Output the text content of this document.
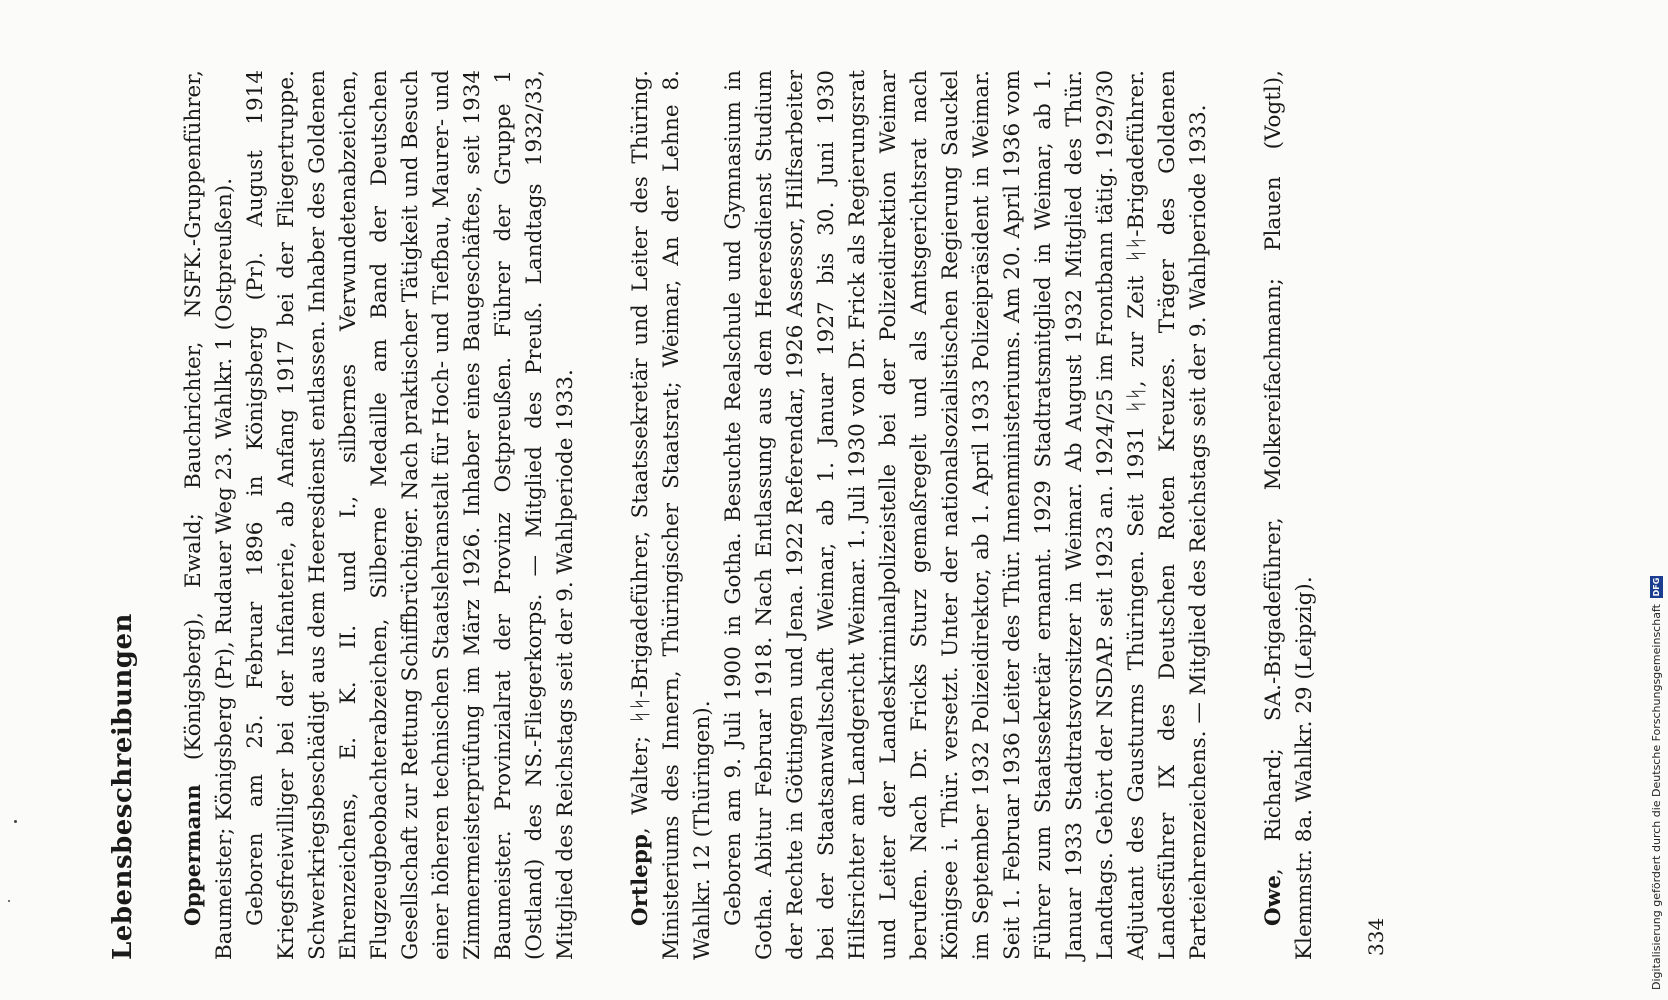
Lebensbeschreibungen Oppermann (Königsberg), Ewald; Bauchrichter, NSFK.-Gruppenführer, Baumeister; Königsberg (Pr), Rudauer Weg 23. Wahlkr. 1 (Ostpreußen). Geboren am 25. Februar 1896 in Königsberg (Pr). August 1914 Kriegsfreiwilliger bei der Infanterie, ab Anfang 1917 bei der Fliegertruppe. Schwerkriegsbeschädigt aus dem Heeresdienst entlassen. Inhaber des Goldenen Ehrenzeichens, E. K. II. und I., silbernes Verwundetenabzeichen, Flugzeugbeobachterabzeichen, Silberne Medaille am Band der Deutschen Gesellschaft zur Rettung Schiffbrüchiger. Nach praktischer Tätigkeit und Besuch einer höheren technischen Staatslehranstalt für Hoch- und Tiefbau, Maurer- und Zimmermeisterprüfung im März 1926. Inhaber eines Baugeschäftes, seit 1934 Baumeister. Provinzialrat der Provinz Ostpreußen. Führer der Gruppe 1 (Ostland) des NS.-Fliegerkorps. — Mitglied des Preuß. Landtags 1932/33, Mitglied des Reichstags seit der 9. Wahlperiode 1933. Ortlepp, Walter; ᛋᛋ-Brigadeführer, Staatssekretär und Leiter des Thüring. Ministeriums des Innern, Thüringischer Staatsrat; Weimar, An der Lehne 8. Wahlkr. 12 (Thüringen). Geboren am 9. Juli 1900 in Gotha. Besuchte Realschule und Gymnasium in Gotha. Abitur Februar 1918. Nach Entlassung aus dem Heeresdienst Studium der Rechte in Göttingen und Jena. 1922 Referendar, 1926 Assessor, Hilfsarbeiter bei der Staatsanwaltschaft Weimar, ab 1. Januar 1927 bis 30. Juni 1930 Hilfsrichter am Landgericht Weimar. 1. Juli 1930 von Dr. Frick als Regierungsrat und Leiter der Landeskriminalpolizeistelle bei der Polizeidirektion Weimar berufen. Nach Dr. Fricks Sturz gemaßregelt und als Amtsgerichtsrat nach Königsee i. Thür. versetzt. Unter der nationalsozialistischen Regierung Sauckel im September 1932 Polizeidirektor, ab 1. April 1933 Polizeipräsident in Weimar. Seit 1. Februar 1936 Leiter des Thür. Innenministeriums. Am 20. April 1936 vom Führer zum Staatssekretär ernannt. 1929 Stadtratsmitglied in Weimar, ab 1. Januar 1933 Stadtratsvorsitzer in Weimar. Ab August 1932 Mitglied des Thür. Landtags. Gehört der NSDAP. seit 1923 an. 1924/25 im Frontbann tätig. 1929/30 Adjutant des Gausturms Thüringen. Seit 1931 ᛋᛋ, zur Zeit ᛋᛋ-Brigadeführer. Landesführer IX des Deutschen Roten Kreuzes. Träger des Goldenen Parteiehrenzeichens. — Mitglied des Reichstags seit der 9. Wahlperiode 1933. Owe, Richard; SA.-Brigadeführer, Molkereifachmann; Plauen (Vogtl), Klemmstr. 8a. Wahlkr. 29 (Leipzig). 334	Digitalisierung gefördert durch die Deutsche Forschungsgemeinschaft
DFG
